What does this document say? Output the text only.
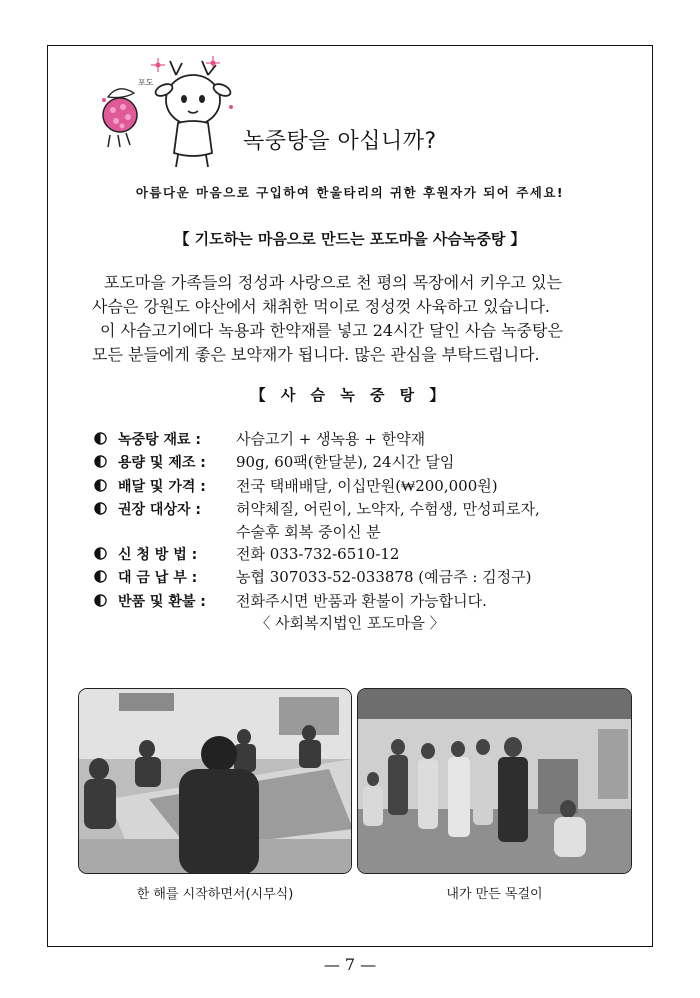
포도
녹중탕을 아십니까?
아름다운 마음으로 구입하여 한울타리의 귀한 후원자가 되어 주세요!
【 기도하는 마음으로 만드는 포도마을 사슴녹중탕 】

포도마을 가족들의 정성과 사랑으로 천 평의 목장에서 키우고 있는

사슴은 강원도 야산에서 채취한 먹이로 정성껏 사육하고 있습니다.

이 사슴고기에다 녹용과 한약재를 넣고 24시간 달인 사슴 녹중탕은

모든 분들에게 좋은 보약재가 됩니다. 많은 관심을 부탁드립니다.

【 사 슴 녹 중 탕 】
녹중탕 재료 :	사슴고기 + 생녹용 + 한약재
용량 및 제조 :	90g, 60팩(한달분), 24시간 달임
배달 및 가격 :	전국 택배배달, 이십만원(₩200,000원)
권장 대상자 :	허약체질, 어린이, 노약자, 수험생, 만성피로자,
수술후 회복 중이신 분
신 청 방 법 :	전화 033-732-6510-12
대 금 납 부 :	농협 307033-52-033878 (예금주 : 김정구)
반품 및 환불 :	전화주시면 반품과 환불이 가능합니다.
〈 사회복지법인 포도마을 〉
한 해를 시작하면서(시무식)	내가 만든 목걸이
— 7 —
